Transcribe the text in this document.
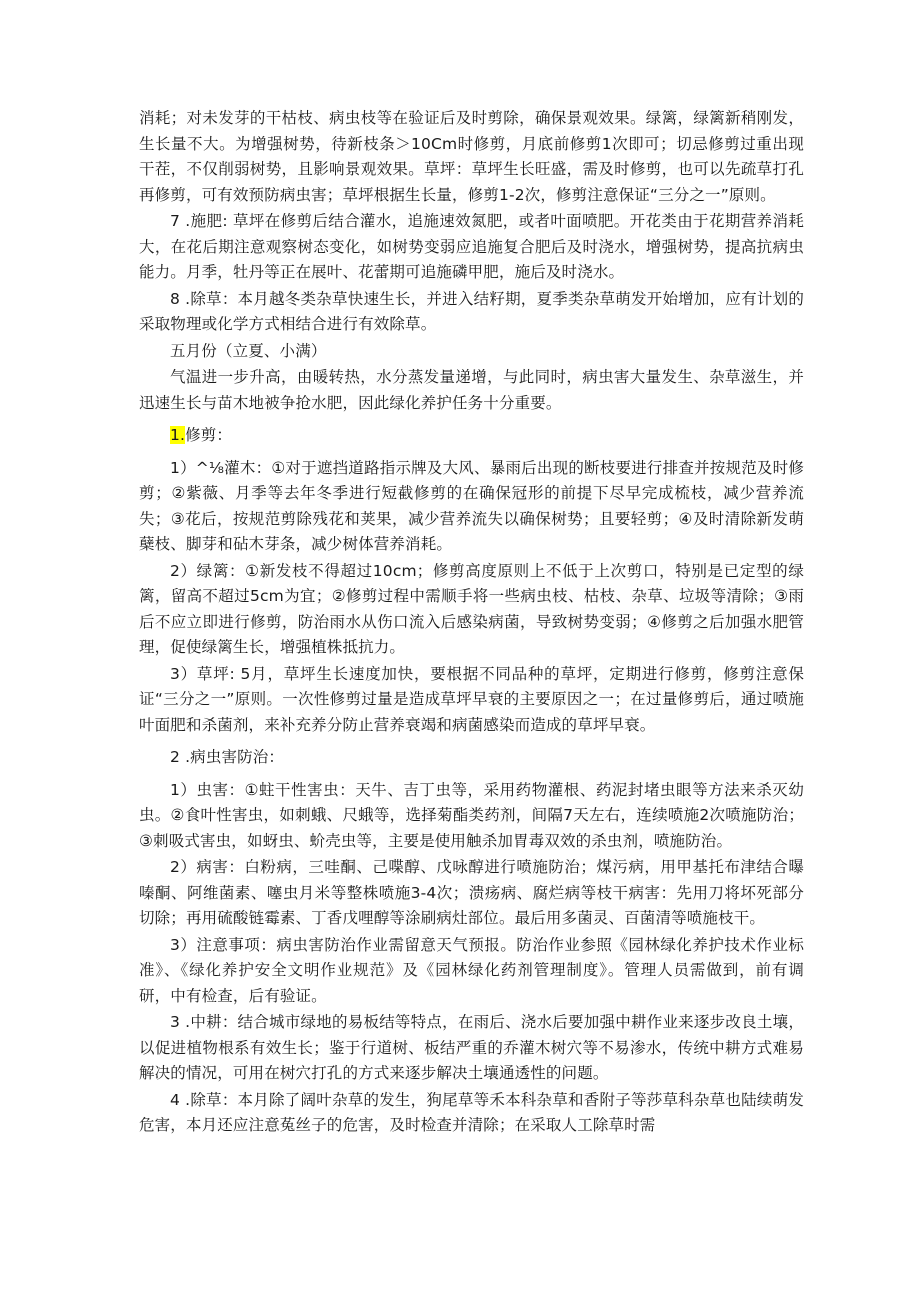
消耗；对未发芽的干枯枝、病虫枝等在验证后及时剪除，确保景观效果。绿篱，绿篱新稍刚发，生长量不大。为增强树势，待新枝条＞10Cm时修剪，月底前修剪1次即可；切忌修剪过重出现干茬，不仅削弱树势，且影响景观效果。草坪：草坪生长旺盛，需及时修剪，也可以先疏草打孔再修剪，可有效预防病虫害；草坪根据生长量，修剪1-2次，修剪注意保证“三分之一”原则。

7 .施肥: 草坪在修剪后结合灌水，追施速效氮肥，或者叶面喷肥。开花类由于花期营养消耗大，在花后期注意观察树态变化，如树势变弱应追施复合肥后及时浇水，增强树势，提高抗病虫能力。月季，牡丹等正在展叶、花蕾期可追施磷甲肥，施后及时浇水。

8 .除草：本月越冬类杂草快速生长，并进入结籽期，夏季类杂草萌发开始增加，应有计划的采取物理或化学方式相结合进行有效除草。

五月份（立夏、小满）

气温进一步升高，由暖转热，水分蒸发量递增，与此同时，病虫害大量发生、杂草滋生，并迅速生长与苗木地被争抢水肥，因此绿化养护任务十分重要。

1.修剪：

1）^⅛灌木：①对于遮挡道路指示牌及大风、暴雨后出现的断枝要进行排查并按规范及时修剪；②紫薇、月季等去年冬季进行短截修剪的在确保冠形的前提下尽早完成梳枝，减少营养流失；③花后，按规范剪除残花和荚果，减少营养流失以确保树势；且要轻剪；④及时清除新发萌蘖枝、脚芽和砧木芽条，减少树体营养消耗。

2）绿篱：①新发枝不得超过10cm；修剪高度原则上不低于上次剪口，特别是已定型的绿篱，留高不超过5cm为宜；②修剪过程中需顺手将一些病虫枝、枯枝、杂草、垃圾等清除；③雨后不应立即进行修剪，防治雨水从伤口流入后感染病菌，导致树势变弱；④修剪之后加强水肥管理，促使绿篱生长，增强植株抵抗力。

3）草坪: 5月，草坪生长速度加快，要根据不同品种的草坪，定期进行修剪，修剪注意保证“三分之一”原则。一次性修剪过量是造成草坪早衰的主要原因之一；在过量修剪后，通过喷施叶面肥和杀菌剂，来补充养分防止营养衰竭和病菌感染而造成的草坪早衰。

2 .病虫害防治：

1）虫害：①蛀干性害虫：天牛、吉丁虫等，采用药物灌根、药泥封堵虫眼等方法来杀灭幼虫。②食叶性害虫，如刺蛾、尺蛾等，选择菊酯类药剂，间隔7天左右，连续喷施2次喷施防治；③刺吸式害虫，如蚜虫、蚧壳虫等，主要是使用触杀加胃毒双效的杀虫剂，喷施防治。

2）病害：白粉病，三哇酮、己喋醇、戊咏醇进行喷施防治；煤污病，用甲基托布津结合曝嗪酮、阿维菌素、噻虫月米等整株喷施3-4次；溃疡病、腐烂病等枝干病害：先用刀将坏死部分切除；再用硫酸链霉素、丁香戊哩醇等涂刷病灶部位。最后用多菌灵、百菌清等喷施枝干。

3）注意事项：病虫害防治作业需留意天气预报。防治作业参照《园林绿化养护技术作业标准》、《绿化养护安全文明作业规范》及《园林绿化药剂管理制度》。管理人员需做到，前有调研，中有检查，后有验证。

3 .中耕：结合城市绿地的易板结等特点，在雨后、浇水后要加强中耕作业来逐步改良土壤，以促进植物根系有效生长；鉴于行道树、板结严重的乔灌木树穴等不易渗水，传统中耕方式难易解决的情况，可用在树穴打孔的方式来逐步解决土壤通透性的问题。

4 .除草：本月除了阔叶杂草的发生，狗尾草等禾本科杂草和香附子等莎草科杂草也陆续萌发危害，本月还应注意菟丝子的危害，及时检查并清除；在采取人工除草时需
